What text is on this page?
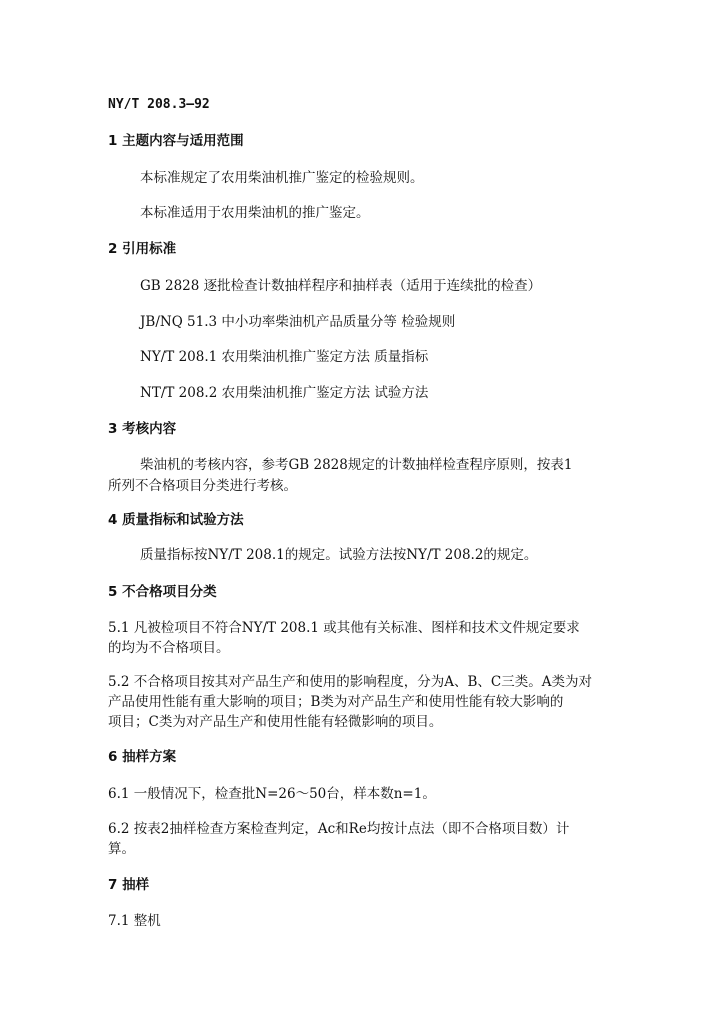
NY/T 208.3—92
1 主题内容与适用范围
本标准规定了农用柴油机推广鉴定的检验规则。
本标准适用于农用柴油机的推广鉴定。
2 引用标准
GB 2828 逐批检查计数抽样程序和抽样表（适用于连续批的检查）
JB/NQ 51.3 中小功率柴油机产品质量分等 检验规则
NY/T 208.1 农用柴油机推广鉴定方法 质量指标
NT/T 208.2 农用柴油机推广鉴定方法 试验方法
3 考核内容
柴油机的考核内容，参考GB 2828规定的计数抽样检查程序原则，按表1
所列不合格项目分类进行考核。
4 质量指标和试验方法
质量指标按NY/T 208.1的规定。试验方法按NY/T 208.2的规定。
5 不合格项目分类
5.1 凡被检项目不符合NY/T 208.1 或其他有关标准、图样和技术文件规定要求
的均为不合格项目。
5.2 不合格项目按其对产品生产和使用的影响程度，分为A、B、C三类。A类为对
产品使用性能有重大影响的项目；B类为对产品生产和使用性能有较大影响的
项目；C类为对产品生产和使用性能有轻微影响的项目。
6 抽样方案
6.1 一般情况下，检查批N=26～50台，样本数n=1。
6.2 按表2抽样检查方案检查判定，Ac和Re均按计点法（即不合格项目数）计
算。
7 抽样
7.1 整机
